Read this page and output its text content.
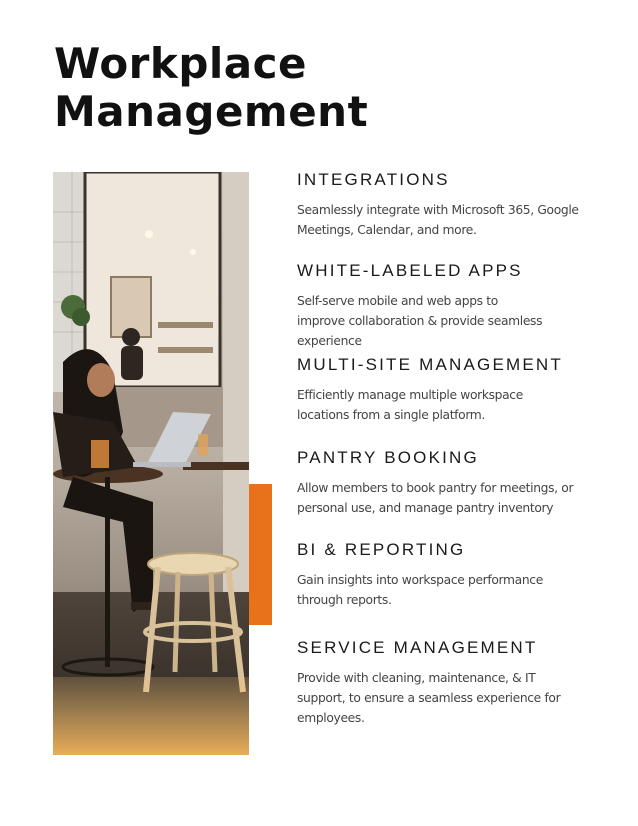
Workplace
Management
INTEGRATIONS

Seamlessly integrate with Microsoft 365, Google Meetings, Calendar, and more.

WHITE-LABELED APPS

Self-serve mobile and web apps to improve collaboration & provide seamless experience

MULTI-SITE MANAGEMENT

Efficiently manage multiple workspace locations from a single platform.

PANTRY BOOKING

Allow members to book pantry for meetings, or personal use, and manage pantry inventory

BI & REPORTING

Gain insights into workspace performance through reports.

SERVICE MANAGEMENT

Provide with cleaning, maintenance, & IT support, to ensure a seamless experience for employees.
